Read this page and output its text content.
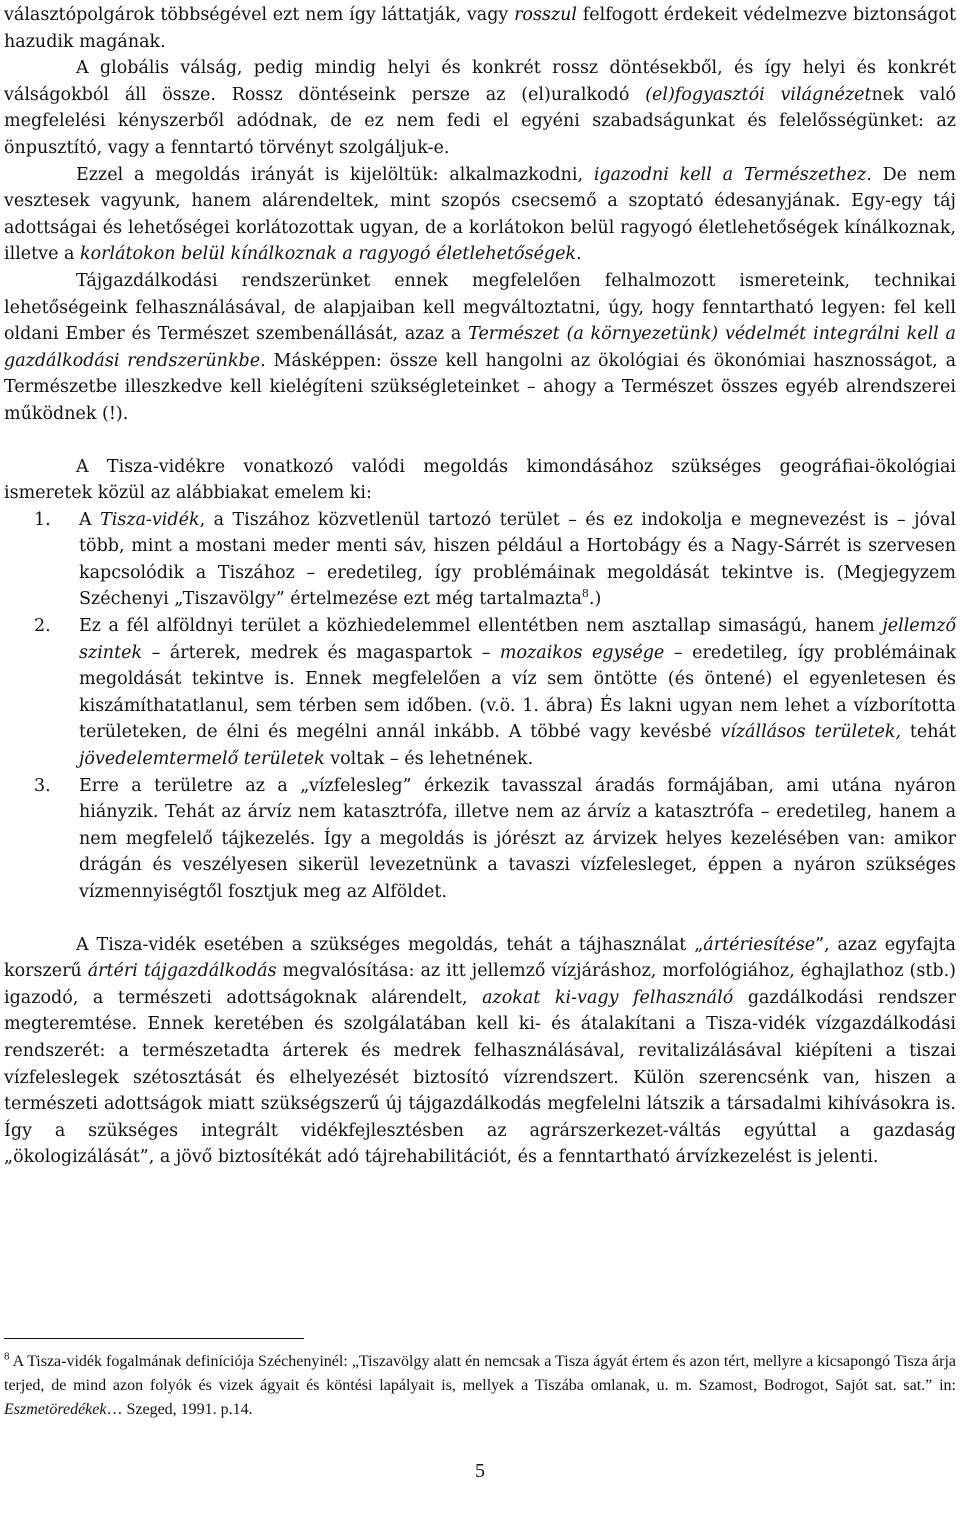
választópolgárok többségével ezt nem így láttatják, vagy rosszul felfogott érdekeit védelmezve biztonságot hazudik magának.

A globális válság, pedig mindig helyi és konkrét rossz döntésekből, és így helyi és konkrét válságokból áll össze. Rossz döntéseink persze az (el)uralkodó (el)fogyasztói világnézetnek való megfelelési kényszerből adódnak, de ez nem fedi el egyéni szabadságunkat és felelősségünket: az önpusztító, vagy a fenntartó törvényt szolgáljuk-e.

Ezzel a megoldás irányát is kijelöltük: alkalmazkodni, igazodni kell a Természethez. De nem vesztesek vagyunk, hanem alárendeltek, mint szopós csecsemő a szoptató édesanyjának. Egy-egy táj adottságai és lehetőségei korlátozottak ugyan, de a korlátokon belül ragyogó életlehetőségek kínálkoznak, illetve a korlátokon belül kínálkoznak a ragyogó életlehetőségek.

Tájgazdálkodási rendszerünket ennek megfelelően felhalmozott ismereteink, technikai lehetőségeink felhasználásával, de alapjaiban kell megváltoztatni, úgy, hogy fenntartható legyen: fel kell oldani Ember és Természet szembenállását, azaz a Természet (a környezetünk) védelmét integrálni kell a gazdálkodási rendszerünkbe. Másképpen: össze kell hangolni az ökológiai és ökonómiai hasznosságot, a Természetbe illeszkedve kell kielégíteni szükségleteinket – ahogy a Természet összes egyéb alrendszerei működnek (!).

A Tisza-vidékre vonatkozó valódi megoldás kimondásához szükséges geográfiai-ökológiai ismeretek közül az alábbiakat emelem ki:

1. A Tisza-vidék, a Tiszához közvetlenül tartozó terület – és ez indokolja e megnevezést is – jóval több, mint a mostani meder menti sáv, hiszen például a Hortobágy és a Nagy-Sárrét is szervesen kapcsolódik a Tiszához – eredetileg, így problémáinak megoldását tekintve is. (Megjegyzem Széchenyi „Tiszavölgy” értelmezése ezt még tartalmazta$^8$.)
2. Ez a fél alföldnyi terület a közhiedelemmel ellentétben nem asztallap simaságú, hanem jellemző szintek – árterek, medrek és magaspartok – mozaikos egysége – eredetileg, így problémáinak megoldását tekintve is. Ennek megfelelően a víz sem öntötte (és öntené) el egyenletesen és kiszámíthatatlanul, sem térben sem időben. (v.ö. 1. ábra) És lakni ugyan nem lehet a vízborította területeken, de élni és megélni annál inkább. A többé vagy kevésbé vízállásos területek, tehát jövedelemtermelő területek voltak – és lehetnének.
3. Erre a területre az a „vízfelesleg” érkezik tavasszal áradás formájában, ami utána nyáron hiányzik. Tehát az árvíz nem katasztrófa, illetve nem az árvíz a katasztrófa – eredetileg, hanem a nem megfelelő tájkezelés. Így a megoldás is jórészt az árvizek helyes kezelésében van: amikor drágán és veszélyesen sikerül levezetnünk a tavaszi vízfelesleget, éppen a nyáron szükséges vízmennyiségtől fosztjuk meg az Alföldet.

A Tisza-vidék esetében a szükséges megoldás, tehát a tájhasználat „ártériesítése”, azaz egyfajta korszerű ártéri tájgazdálkodás megvalósítása: az itt jellemző vízjáráshoz, morfológiához, éghajlathoz (stb.) igazodó, a természeti adottságoknak alárendelt, azokat ki-vagy felhasználó gazdálkodási rendszer megteremtése. Ennek keretében és szolgálatában kell ki- és átalakítani a Tisza-vidék vízgazdálkodási rendszerét: a természetadta árterek és medrek felhasználásával, revitalizálásával kiépíteni a tiszai vízfeleslegek szétosztását és elhelyezését biztosító vízrendszert. Külön szerencsénk van, hiszen a természeti adottságok miatt szükségszerű új tájgazdálkodás megfelelni látszik a társadalmi kihívásokra is. Így a szükséges integrált vidékfejlesztésben az agrárszerkezet-váltás egyúttal a gazdaság „ökologizálását”, a jövő biztosítékát adó tájrehabilitációt, és a fenntartható árvízkezelést is jelenti.

$^8$ A Tisza-vidék fogalmának definíciója Széchenyinél: „Tiszavölgy alatt én nemcsak a Tisza ágyát értem és azon tért, mellyre a kicsapongó Tisza árja terjed, de mind azon folyók és vizek ágyait és köntési lapályait is, mellyek a Tiszába omlanak, u. m. Szamost, Bodrogot, Sajót sat. sat.” in: Eszmetöredékek… Szeged, 1991. p.14.

5
